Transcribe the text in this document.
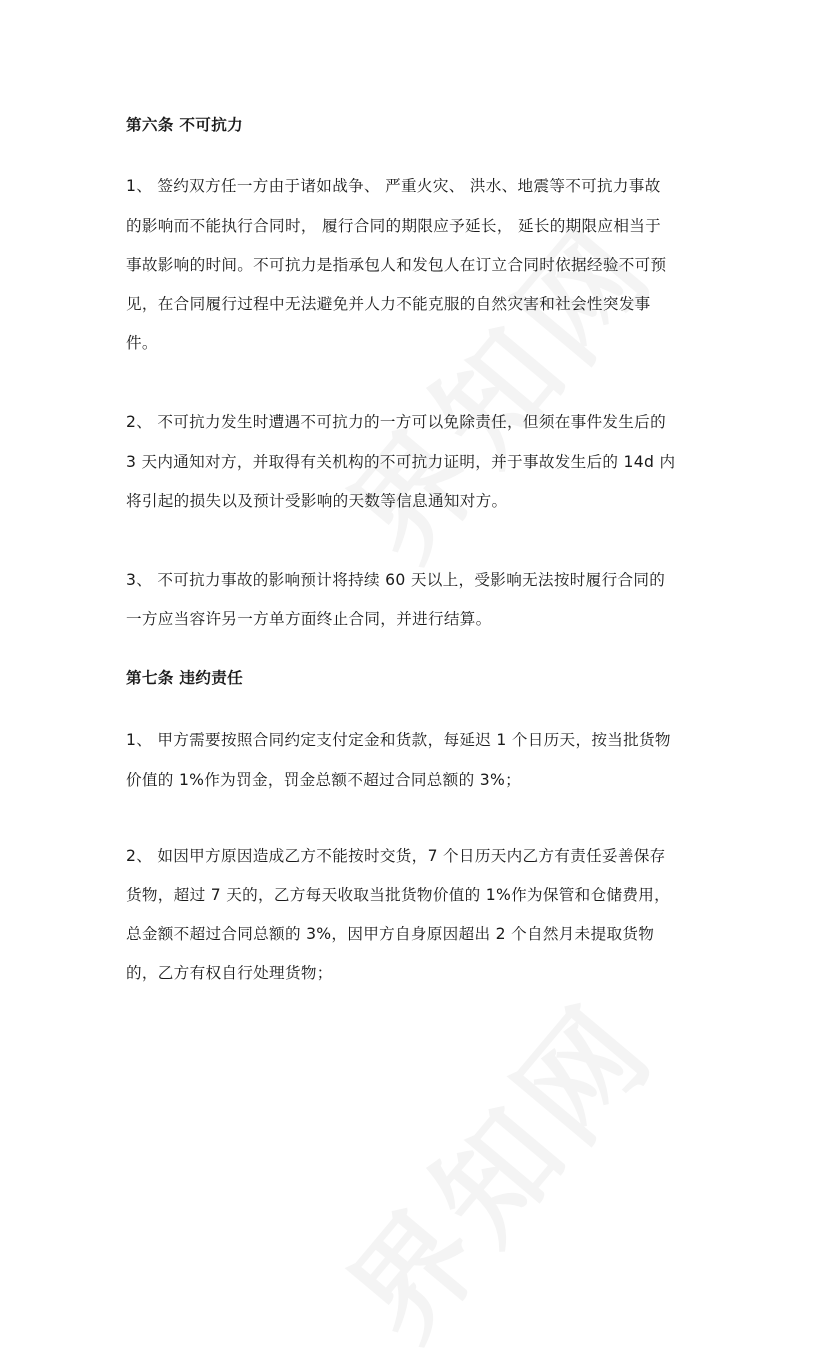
第六条 不可抗力
1、 签约双方任一方由于诸如战争、 严重火灾、 洪水、地震等不可抗力事故
的影响而不能执行合同时， 履行合同的期限应予延长， 延长的期限应相当于
事故影响的时间。不可抗力是指承包人和发包人在订立合同时依据经验不可预
见，在合同履行过程中无法避免并人力不能克服的自然灾害和社会性突发事
件。
2、 不可抗力发生时遭遇不可抗力的一方可以免除责任，但须在事件发生后的
3 天内通知对方，并取得有关机构的不可抗力证明，并于事故发生后的 14d 内
将引起的损失以及预计受影响的天数等信息通知对方。
3、 不可抗力事故的影响预计将持续 60 天以上，受影响无法按时履行合同的
一方应当容许另一方单方面终止合同，并进行结算。
第七条 违约责任
1、 甲方需要按照合同约定支付定金和货款，每延迟 1 个日历天，按当批货物
价值的 1%作为罚金，罚金总额不超过合同总额的 3%；
2、 如因甲方原因造成乙方不能按时交货，7 个日历天内乙方有责任妥善保存
货物，超过 7 天的，乙方每天收取当批货物价值的 1%作为保管和仓储费用，
总金额不超过合同总额的 3%，因甲方自身原因超出 2 个自然月未提取货物
的，乙方有权自行处理货物；
